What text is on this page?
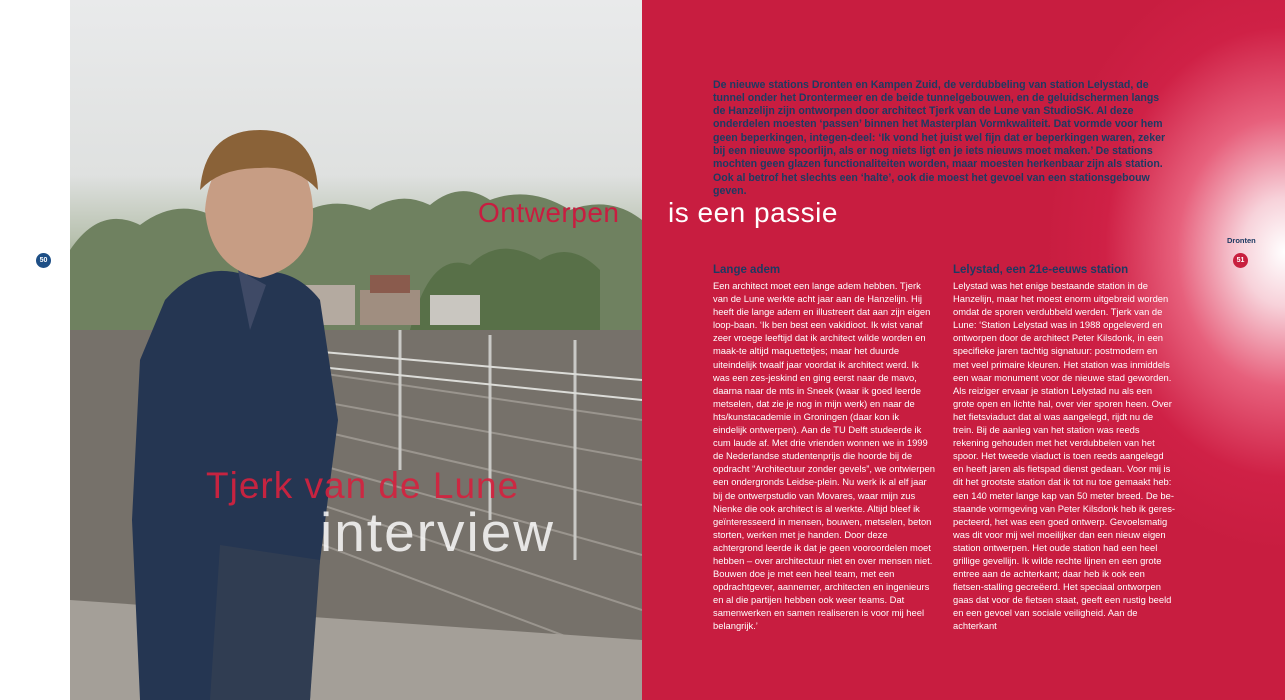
50
Ontwerpen is een passie
Tjerk van de Lune
interview

De nieuwe stations Dronten en Kampen Zuid, de verdubbeling van station Lelystad, de tunnel onder het Drontermeer en de beide tunnelgebouwen, en de geluidschermen langs de Hanzelijn zijn ontworpen door architect Tjerk van de Lune van StudioSK. Al deze onderdelen moesten ‘passen’ binnen het Masterplan Vormkwaliteit. Dat vormde voor hem geen beperkingen, integen-deel: ‘Ik vond het juist wel fijn dat er beperkingen waren, zeker bij een nieuwe spoorlijn, als er nog niets ligt en je iets nieuws moet maken.’ De stations mochten geen glazen functionaliteiten worden, maar moesten herkenbaar zijn als station. Ook al betrof het slechts een ‘halte’, ook die moest het gevoel van een stationsgebouw geven.

Lange adem

Een architect moet een lange adem hebben. Tjerk van de Lune werkte acht jaar aan de Hanzelijn. Hij heeft die lange adem en illustreert dat aan zijn eigen loop-baan. ‘Ik ben best een vakidioot. Ik wist vanaf zeer vroege leeftijd dat ik architect wilde worden en maak-te altijd maquettetjes; maar het duurde uiteindelijk twaalf jaar voordat ik architect werd. Ik was een zes-jeskind en ging eerst naar de mavo, daarna naar de mts in Sneek (waar ik goed leerde metselen, dat zie je nog in mijn werk) en naar de hts/kunstacademie in Groningen (daar kon ik eindelijk ontwerpen). Aan de TU Delft studeerde ik cum laude af. Met drie vrienden wonnen we in 1999 de Nederlandse studentenprijs die hoorde bij de opdracht “Architectuur zonder gevels”, we ontwierpen een ondergronds Leidse-plein. Nu werk ik al elf jaar bij de ontwerpstudio van Movares, waar mijn zus Nienke die ook architect is al werkte. Altijd bleef ik geïnteresseerd in mensen, bouwen, metselen, beton storten, werken met je handen. Door deze achtergrond leerde ik dat je geen vooroordelen moet hebben – over architectuur niet en over mensen niet. Bouwen doe je met een heel team, met een opdrachtgever, aannemer, architecten en ingenieurs en al die partijen hebben ook weer teams. Dat samenwerken en samen realiseren is voor mij heel belangrijk.’

Lelystad, een 21e-eeuws station

Lelystad was het enige bestaande station in de Hanzelijn, maar het moest enorm uitgebreid worden omdat de sporen verdubbeld werden. Tjerk van de Lune: ‘Station Lelystad was in 1988 opgeleverd en ontworpen door de architect Peter Kilsdonk, in een specifieke jaren tachtig signatuur: postmodern en met veel primaire kleuren. Het station was inmiddels een waar monument voor de nieuwe stad geworden. Als reiziger ervaar je station Lelystad nu als een grote open en lichte hal, over vier sporen heen. Over het fietsviaduct dat al was aangelegd, rijdt nu de trein. Bij de aanleg van het station was reeds rekening gehouden met het verdubbelen van het spoor. Het tweede viaduct is toen reeds aangelegd en heeft jaren als fietspad dienst gedaan. Voor mij is dit het grootste station dat ik tot nu toe gemaakt heb: een 140 meter lange kap van 50 meter breed. De be-staande vormgeving van Peter Kilsdonk heb ik geres-pecteerd, het was een goed ontwerp. Gevoelsmatig was dit voor mij wel moeilijker dan een nieuw eigen station ontwerpen. Het oude station had een heel grillige gevellijn. Ik wilde rechte lijnen en een grote entree aan de achterkant; daar heb ik ook een fietsen-stalling gecreëerd. Het speciaal ontworpen gaas dat voor de fietsen staat, geeft een rustig beeld en een gevoel van sociale veiligheid. Aan de achterkant

Dronten
51
